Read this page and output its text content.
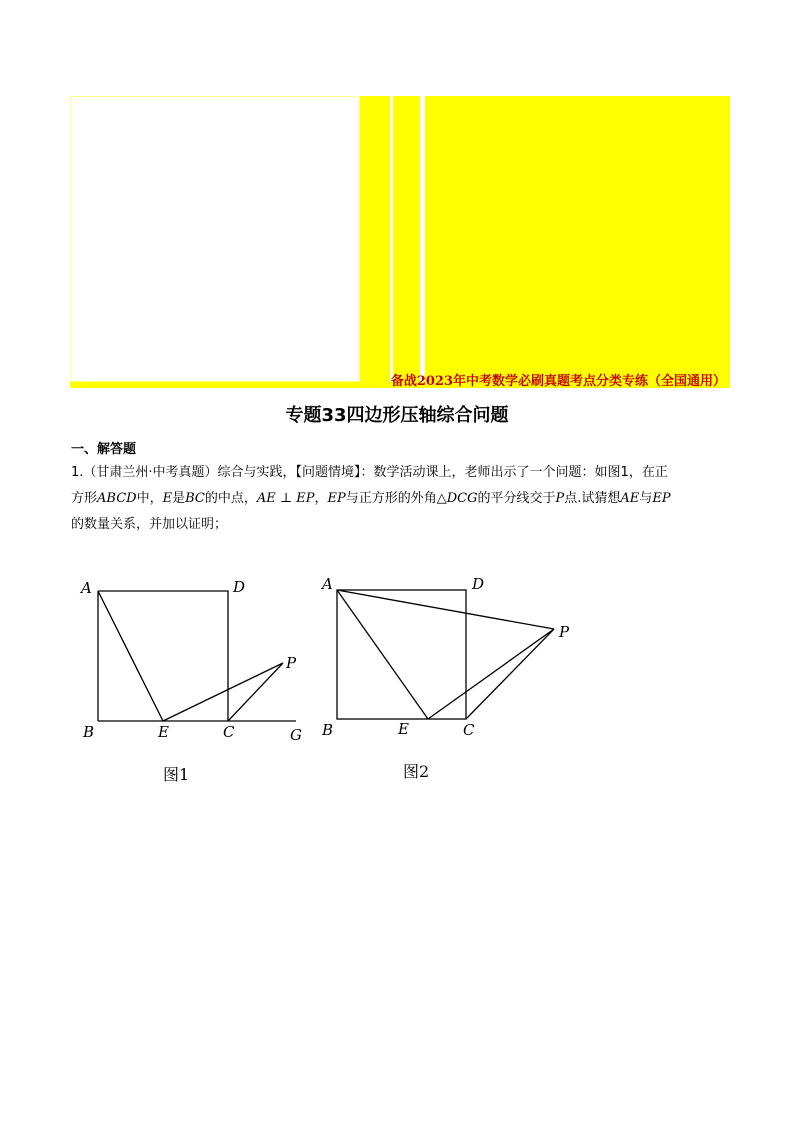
备战2023年中考数学必刷真题考点分类专练（全国通用）
专题33四边形压轴综合问题
一、解答题
1.（甘肃兰州·中考真题）综合与实践，【问题情境】：数学活动课上，老师出示了一个问题：如图1，在正
方形ABCD中，E是BC的中点，AE ⊥ EP，EP与正方形的外角△DCG的平分线交于P点.试猜想AE与EP
的数量关系，并加以证明；
A	D
P
B	E	C	G
图1
A	D
P
B	E	C
图2
